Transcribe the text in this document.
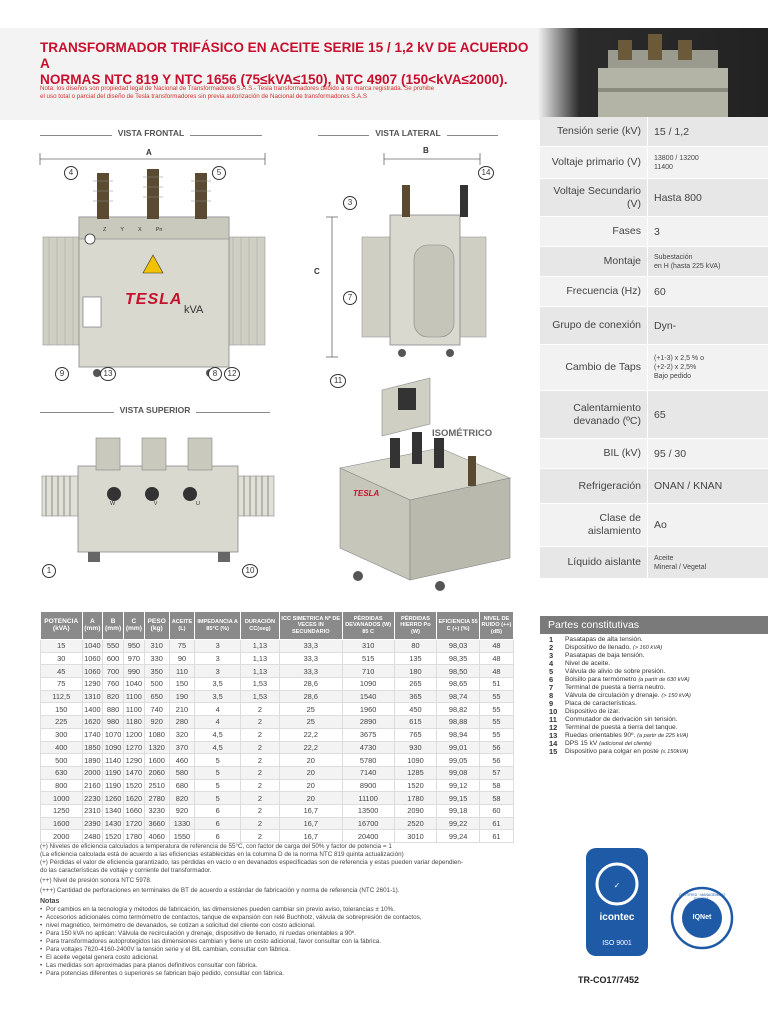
TRANSFORMADOR TRIFÁSICO EN ACEITE SERIE 15 / 1,2 kV DE ACUERDO A
NORMAS NTC 819 Y NTC 1656 (75≤kVA≤150), NTC 4907 (150<kVA≤2000).
Nota: los diseños son propiedad legal de Nacional de Transformadores S.A.S.- Tesla transformadores debido a su marca registrada. Se prohibe
el uso total o parcial del diseño de Tesla transformadores sin previa autorización de Nacional de transformadores S.A.S
VISTA FRONTAL	VISTA LATERAL
VISTA SUPERIOR
A
TESLA
kVA
Z	Y	X	Pn
4	5
9	13	8	12
B
C
3
7
14
11
ISOMÉTRICO
TESLA
W	V	U
1	10
Tensión serie (kV)	15 / 1,2
Voltaje primario (V)	13800 / 13200
11400
Voltaje Secundario (V)	Hasta 800
Fases	3
Montaje	Subestación
en H (hasta 225 kVA)
Frecuencia (Hz)	60
Grupo de conexión	Dyn-
Cambio de Taps
(+1-3) x 2,5 % o
(+2-2) x 2,5%
Bajo pedido
Calentamiento devanado (ºC)	65
BIL (kV)	95 / 30
Refrigeración	ONAN / KNAN
Clase de aislamiento	Ao
Líquido aislante	Aceite
Mineral / Vegetal
Partes constitutivas
1	Pasatapas de alta tensión.
2	Dispositivo de llenado. (> 160 kVA)
3	Pasatapas de baja tensión.
4	Nivel de aceite.
5	Válvula de alivio de sobre presión.
6	Bolsillo para termómetro (a partir de 630 kVA)
7	Terminal de puesta a tierra neutro.
8	Válvula de circulación y drenaje. (> 150 kVA)
9	Placa de características.
10	Dispositivo de izar.
11	Conmutador de derivación sin tensión.
12	Terminal de puesta a tierra del tanque.
13	Ruedas orientables 90º. (a partir de 225 kVA)
14	DPS 15 kV (adicional del cliente)
15	Dispositivo para colgar en poste (≤ 150kVA)
POTENCIA (kVA)	A (mm)	B (mm)	C (mm)	PESO (kg)	ACEITE (L)	IMPEDANCIA A 85°C (%)	DURACIÓN CC(seg)	ICC SIMETRICA Nº DE VECES IN SECUNDARIO	PÉRDIDAS DEVANADOS (W) 85 C	PÉRDIDAS HIERRO Po (W)	EFICIENCIA 55 C (+) (%)	NIVEL DE RUIDO (++) (dB)
15	1040	550	950	310	75	3	1,13	33,3	310	80	98,03	48
30	1060	600	970	330	90	3	1,13	33,3	515	135	98,35	48
45	1060	700	990	350	110	3	1,13	33,3	710	180	98,50	48
75	1290	760	1040	500	150	3,5	1,53	28,6	1090	265	98,65	51
112,5	1310	820	1100	650	190	3,5	1,53	28,6	1540	365	98,74	55
150	1400	880	1100	740	210	4	2	25	1960	450	98,82	55
225	1620	980	1180	920	280	4	2	25	2890	615	98,88	55
300	1740	1070	1200	1080	320	4,5	2	22,2	3675	765	98,94	55
400	1850	1090	1270	1320	370	4,5	2	22,2	4730	930	99,01	56
500	1890	1140	1290	1600	460	5	2	20	5780	1090	99,05	56
630	2000	1190	1470	2060	580	5	2	20	7140	1285	99,08	57
800	2160	1190	1520	2510	680	5	2	20	8900	1520	99,12	58
1000	2230	1260	1620	2780	820	5	2	20	11100	1780	99,15	58
1250	2310	1340	1660	3230	920	6	2	16,7	13500	2090	99,18	60
1600	2390	1430	1720	3660	1330	6	2	16,7	16700	2520	99,22	61
2000	2480	1520	1780	4060	1550	6	2	16,7	20400	3010	99,24	61

(+) Niveles de eficiencia calculados a temperatura de referencia de 55°C, con factor de carga del 50% y factor de potencia = 1

(La eficiencia calculada está de acuerdo a las eficiencias establecidas en la columna D de la norma NTC 819 quinta actualización)

(+) Pérdidas el valor de eficiencia garantizado, las pérdidas en vacío o en devanados especificadas son de referencia y estas pueden variar dependien-

do las características de voltaje y corriente del transformador.

(++) Nivel de presión sonora NTC 5978.

(+++) Cantidad de perforaciones en terminales de BT de acuerdo a estándar de fabricación y norma de referencia (NTC 2601-1).

Notas
• Por cambios en la tecnología y métodos de fabricación, las dimensiones pueden cambiar sin previo aviso, tolerancias ± 10%.
• Accesorios adicionales como termómetro de contactos, tanque de expansión con relé Buchholz, válvula de sobrepresión de contactos,
• nivel magnético, termómetro de devanados, se cotizan a solicitud del cliente con costo adicional.
• Para 150 kVA no aplican: Válvula de recirculación y drenaje, dispositivo de llenado, ni ruedas orientables a 90º.
• Para transformadores autoprotegidos las dimensiones cambian y tiene un costo adicional, favor consultar con la fábrica.
• Para voltajes 7620-4160-2400V la tensión serie y el BIL cambian, consultar con fábrica.
• El aceite vegetal genera costo adicional.
• Las medidas son aproximadas para planos definitivos consultar con fábrica.
• Para potencias diferentes o superiores se fabrican bajo pedido, consultar con fábrica.
✓
icontec
ISO 9001
IQNet
CERTIFIED · MANAGEMENT SYSTEM ·
TR-CO17/7452
